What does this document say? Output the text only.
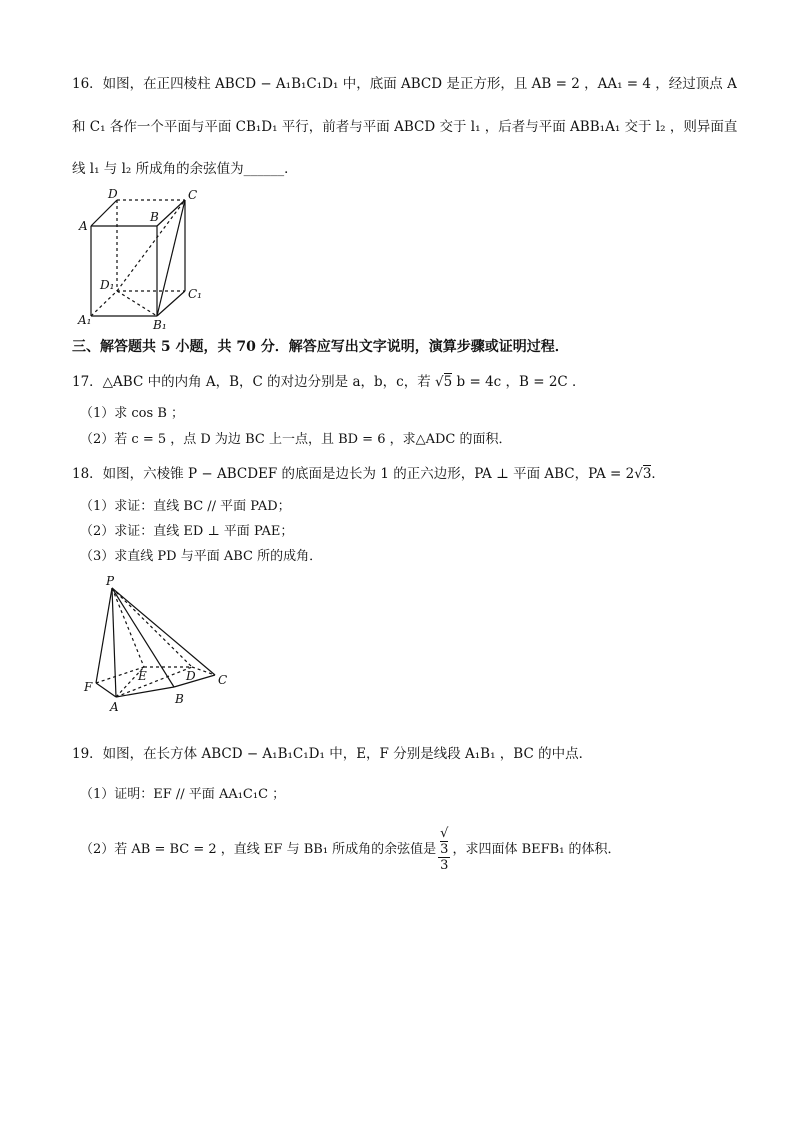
16．如图，在正四棱柱 ABCD − A₁B₁C₁D₁ 中，底面 ABCD 是正方形，且 AB = 2 ，AA₁ = 4 ，经过顶点 A
和 C₁ 各作一个平面与平面 CB₁D₁ 平行，前者与平面 ABCD 交于 l₁ ，后者与平面 ABB₁A₁ 交于 l₂ ，则异面直
线 l₁ 与 l₂ 所成角的余弦值为______．
D	C
A
B
D₁
C₁
A₁	B₁
三、解答题共 5 小题，共 70 分．解答应写出文字说明，演算步骤或证明过程．
17．△ABC 中的内角 A，B，C 的对边分别是 a，b，c，若 √5 b = 4c ，B = 2C ．
（1）求 cos B ；
（2）若 c = 5 ，点 D 为边 BC 上一点，且 BD = 6 ，求△ADC 的面积．
18．如图，六棱锥 P − ABCDEF 的底面是边长为 1 的正六边形，PA ⊥ 平面 ABC，PA = 2√3．
（1）求证：直线 BC // 平面 PAD；
（2）求证：直线 ED ⊥ 平面 PAE；
（3）求直线 PD 与平面 ABC 所的成角．
P
E	D
F	C
A
B
19．如图，在长方体 ABCD − A₁B₁C₁D₁ 中，E，F 分别是线段 A₁B₁ ，BC 的中点．
（1）证明：EF // 平面 AA₁C₁C ；
（2）若 AB = BC = 2 ，直线 EF 与 BB₁ 所成角的余弦值是 √
3
3 ，求四面体 BEFB₁ 的体积．
